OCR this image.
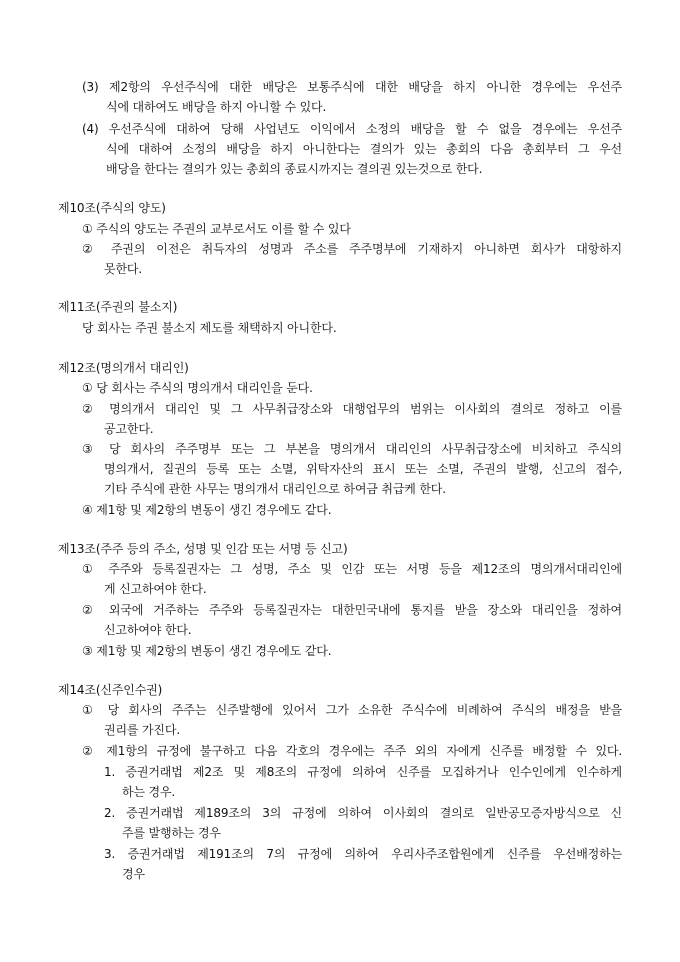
(3) 제2항의 우선주식에 대한 배당은 보통주식에 대한 배당을 하지 아니한 경우에는 우선주
식에 대하여도 배당을 하지 아니할 수 있다.
(4) 우선주식에 대하여 당해 사업년도 이익에서 소정의 배당을 할 수 없을 경우에는 우선주
식에 대하여 소정의 배당을 하지 아니한다는 결의가 있는 총회의 다음 총회부터 그 우선
배당을 한다는 결의가 있는 총회의 종료시까지는 결의권 있는것으로 한다.
제10조(주식의 양도)
① 주식의 양도는 주권의 교부로서도 이를 할 수 있다
② 주권의 이전은 취득자의 성명과 주소를 주주명부에 기재하지 아니하면 회사가 대항하지
못한다.
제11조(주권의 불소지)
당 회사는 주권 불소지 제도를 채택하지 아니한다.
제12조(명의개서 대리인)
① 당 회사는 주식의 명의개서 대리인을 둔다.
② 명의개서 대리인 및 그 사무취급장소와 대행업무의 범위는 이사회의 결의로 정하고 이를
공고한다.
③ 당 회사의 주주명부 또는 그 부본을 명의개서 대리인의 사무취급장소에 비치하고 주식의
명의개서, 질권의 등록 또는 소멸, 위탁자산의 표시 또는 소멸, 주권의 발행, 신고의 접수,
기타 주식에 관한 사무는 명의개서 대리인으로 하여금 취급케 한다.
④ 제1항 및 제2항의 변동이 생긴 경우에도 같다.
제13조(주주 등의 주소, 성명 및 인감 또는 서명 등 신고)
① 주주와 등록질권자는 그 성명, 주소 및 인감 또는 서명 등을 제12조의 명의개서대리인에
게 신고하여야 한다.
② 외국에 거주하는 주주와 등록질권자는 대한민국내에 통지를 받을 장소와 대리인을 정하여
신고하여야 한다.
③ 제1항 및 제2항의 변동이 생긴 경우에도 같다.
제14조(신주인수권)
① 당 회사의 주주는 신주발행에 있어서 그가 소유한 주식수에 비례하여 주식의 배정을 받을
권리를 가진다.
② 제1항의 규정에 불구하고 다음 각호의 경우에는 주주 외의 자에게 신주를 배정할 수 있다.
1. 증권거래법 제2조 및 제8조의 규정에 의하여 신주를 모집하거나 인수인에게 인수하게
하는 경우.
2. 증권거래법 제189조의 3의 규정에 의하여 이사회의 결의로 일반공모증자방식으로 신
주를 발행하는 경우
3. 증권거래법 제191조의 7의 규정에 의하여 우리사주조합원에게 신주를 우선배정하는
경우
